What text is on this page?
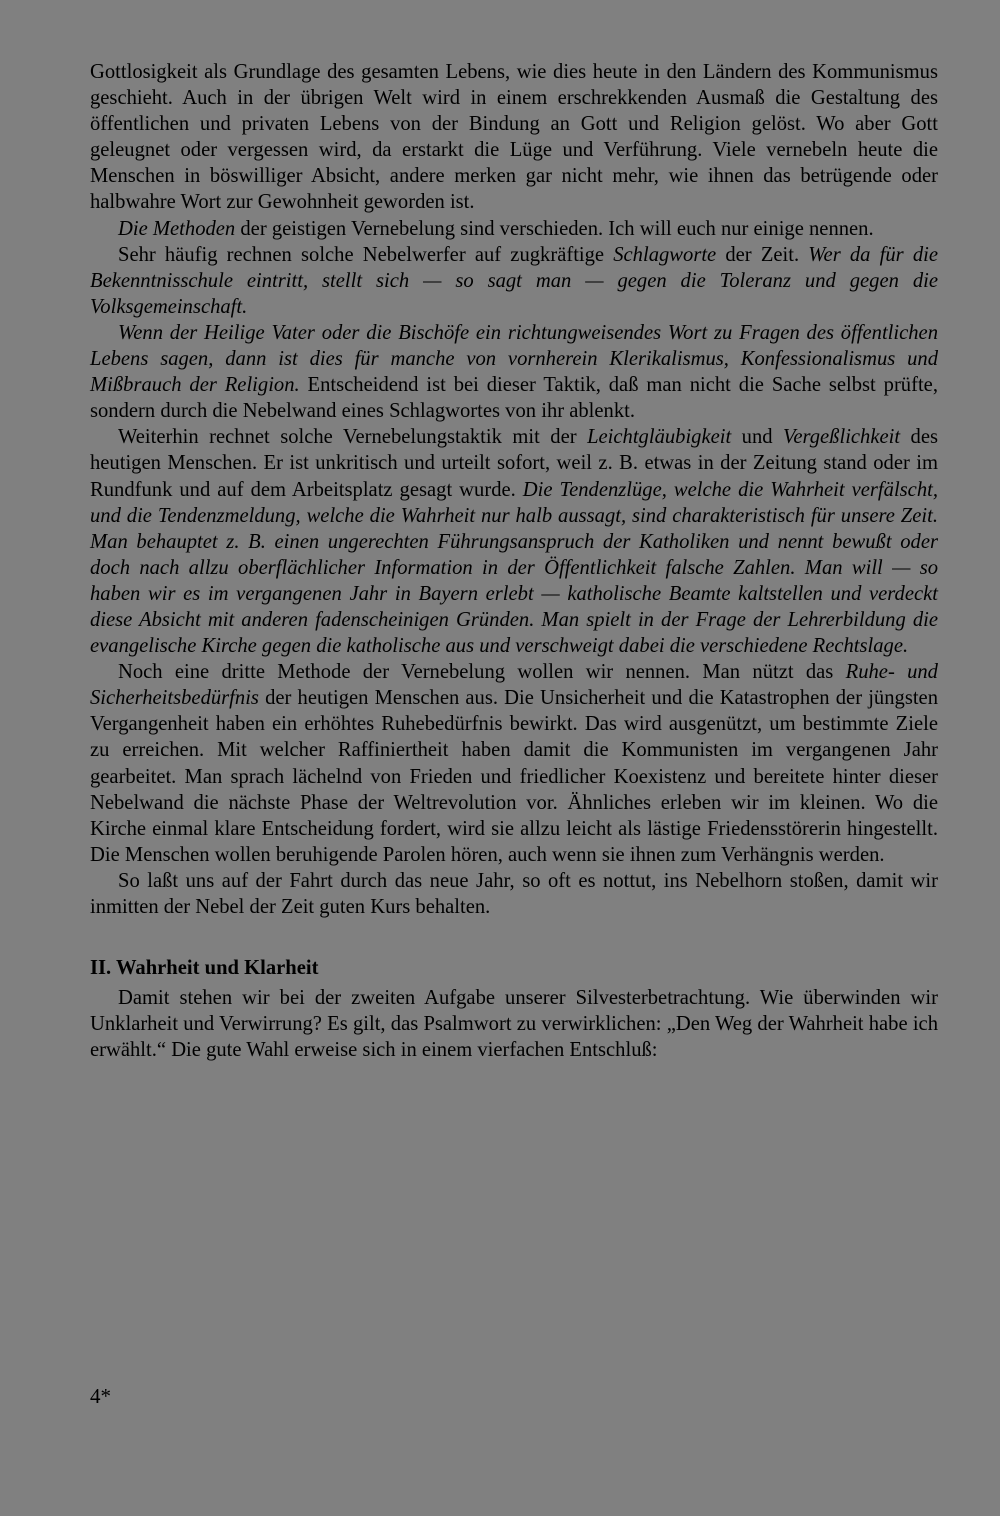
Gottlosigkeit als Grundlage des gesamten Lebens, wie dies heute in den Ländern des Kommunismus geschieht. Auch in der übrigen Welt wird in einem erschrekkenden Ausmaß die Gestaltung des öffentlichen und privaten Lebens von der Bindung an Gott und Religion gelöst. Wo aber Gott geleugnet oder vergessen wird, da erstarkt die Lüge und Verführung. Viele vernebeln heute die Menschen in böswilliger Absicht, andere merken gar nicht mehr, wie ihnen das betrügende oder halbwahre Wort zur Gewohnheit geworden ist.

Die Methoden der geistigen Vernebelung sind verschieden. Ich will euch nur einige nennen.

Sehr häufig rechnen solche Nebelwerfer auf zugkräftige Schlagworte der Zeit. Wer da für die Bekenntnisschule eintritt, stellt sich — so sagt man — gegen die Toleranz und gegen die Volksgemeinschaft.

Wenn der Heilige Vater oder die Bischöfe ein richtungweisendes Wort zu Fragen des öffentlichen Lebens sagen, dann ist dies für manche von vornherein Klerikalismus, Konfessionalismus und Mißbrauch der Religion. Entscheidend ist bei dieser Taktik, daß man nicht die Sache selbst prüfte, sondern durch die Nebelwand eines Schlagwortes von ihr ablenkt.

Weiterhin rechnet solche Vernebelungstaktik mit der Leichtgläubigkeit und Vergeßlichkeit des heutigen Menschen. Er ist unkritisch und urteilt sofort, weil z. B. etwas in der Zeitung stand oder im Rundfunk und auf dem Arbeitsplatz gesagt wurde. Die Tendenzlüge, welche die Wahrheit verfälscht, und die Tendenzmeldung, welche die Wahrheit nur halb aussagt, sind charakteristisch für unsere Zeit. Man behauptet z. B. einen ungerechten Führungsanspruch der Katholiken und nennt bewußt oder doch nach allzu oberflächlicher Information in der Öffentlichkeit falsche Zahlen. Man will — so haben wir es im vergangenen Jahr in Bayern erlebt — katholische Beamte kaltstellen und verdeckt diese Absicht mit anderen fadenscheinigen Gründen. Man spielt in der Frage der Lehrerbildung die evangelische Kirche gegen die katholische aus und verschweigt dabei die verschiedene Rechtslage.

Noch eine dritte Methode der Vernebelung wollen wir nennen. Man nützt das Ruhe- und Sicherheitsbedürfnis der heutigen Menschen aus. Die Unsicherheit und die Katastrophen der jüngsten Vergangenheit haben ein erhöhtes Ruhebedürfnis bewirkt. Das wird ausgenützt, um bestimmte Ziele zu erreichen. Mit welcher Raffiniertheit haben damit die Kommunisten im vergangenen Jahr gearbeitet. Man sprach lächelnd von Frieden und friedlicher Koexistenz und bereitete hinter dieser Nebelwand die nächste Phase der Weltrevolution vor. Ähnliches erleben wir im kleinen. Wo die Kirche einmal klare Entscheidung fordert, wird sie allzu leicht als lästige Friedensstörerin hingestellt. Die Menschen wollen beruhigende Parolen hören, auch wenn sie ihnen zum Verhängnis werden.

So laßt uns auf der Fahrt durch das neue Jahr, so oft es nottut, ins Nebelhorn stoßen, damit wir inmitten der Nebel der Zeit guten Kurs behalten.

II. Wahrheit und Klarheit

Damit stehen wir bei der zweiten Aufgabe unserer Silvesterbetrachtung. Wie überwinden wir Unklarheit und Verwirrung? Es gilt, das Psalmwort zu verwirklichen: „Den Weg der Wahrheit habe ich erwählt.“ Die gute Wahl erweise sich in einem vierfachen Entschluß:

4*
